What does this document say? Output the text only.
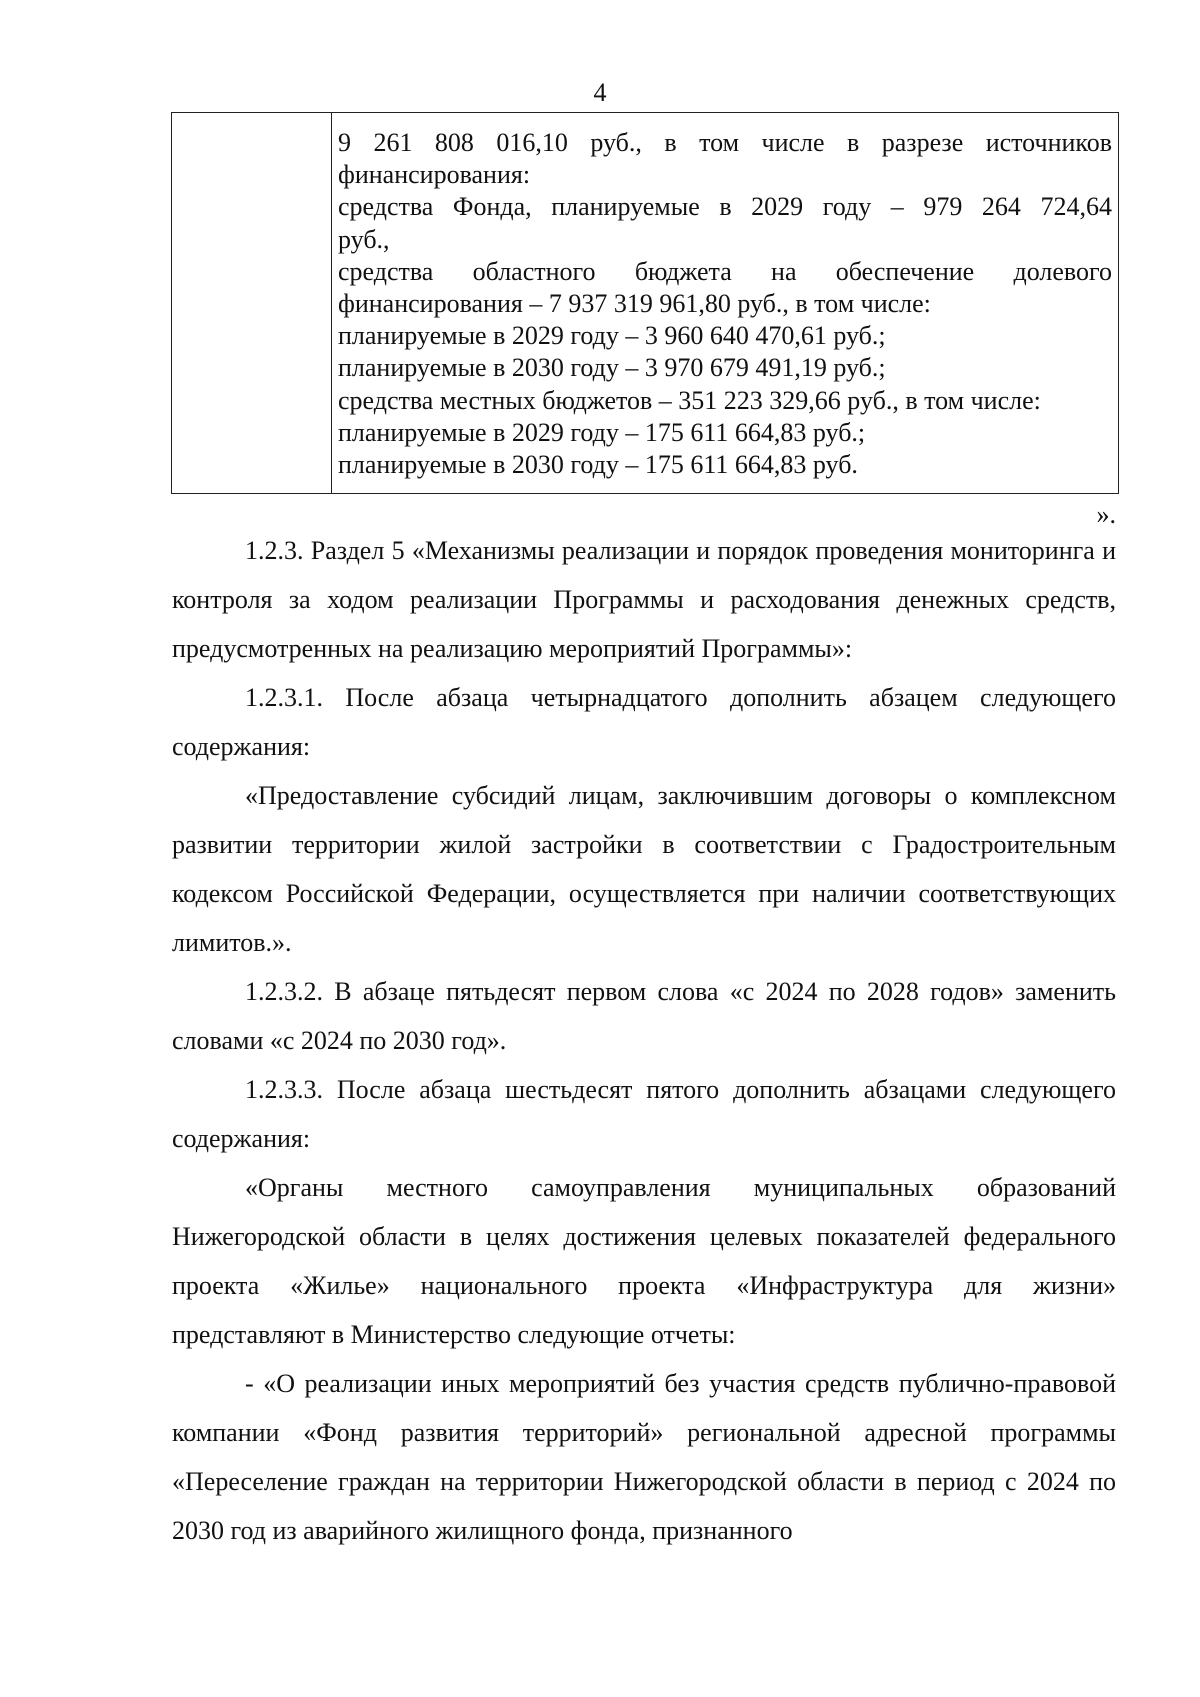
4
9 261 808 016,10 руб., в том числе в разрезе источников
финансирования:
средства Фонда, планируемые в 2029 году – 979 264 724,64
руб.,
средства областного бюджета на обеспечение долевого
финансирования – 7 937 319 961,80 руб., в том числе:
планируемые в 2029 году – 3 960 640 470,61 руб.;
планируемые в 2030 году – 3 970 679 491,19 руб.;
средства местных бюджетов – 351 223 329,66 руб., в том числе:
планируемые в 2029 году – 175 611 664,83 руб.;
планируемые в 2030 году – 175 611 664,83 руб.
».

1.2.3. Раздел 5 «Механизмы реализации и порядок проведения мониторинга и контроля за ходом реализации Программы и расходования денежных средств, предусмотренных на реализацию мероприятий Программы»:

1.2.3.1. После абзаца четырнадцатого дополнить абзацем следующего содержания:

«Предоставление субсидий лицам, заключившим договоры о комплексном развитии территории жилой застройки в соответствии с Градостроительным кодексом Российской Федерации, осуществляется при наличии соответствующих лимитов.».

1.2.3.2. В абзаце пятьдесят первом слова «с 2024 по 2028 годов» заменить словами «с 2024 по 2030 год».

1.2.3.3. После абзаца шестьдесят пятого дополнить абзацами следующего содержания:

«Органы местного самоуправления муниципальных образований Нижегородской области в целях достижения целевых показателей федерального проекта «Жилье» национального проекта «Инфраструктура для жизни» представляют в Министерство следующие отчеты:

- «О реализации иных мероприятий без участия средств публично-правовой компании «Фонд развития территорий» региональной адресной программы «Переселение граждан на территории Нижегородской области в период с 2024 по 2030 год из аварийного жилищного фонда, признанного
